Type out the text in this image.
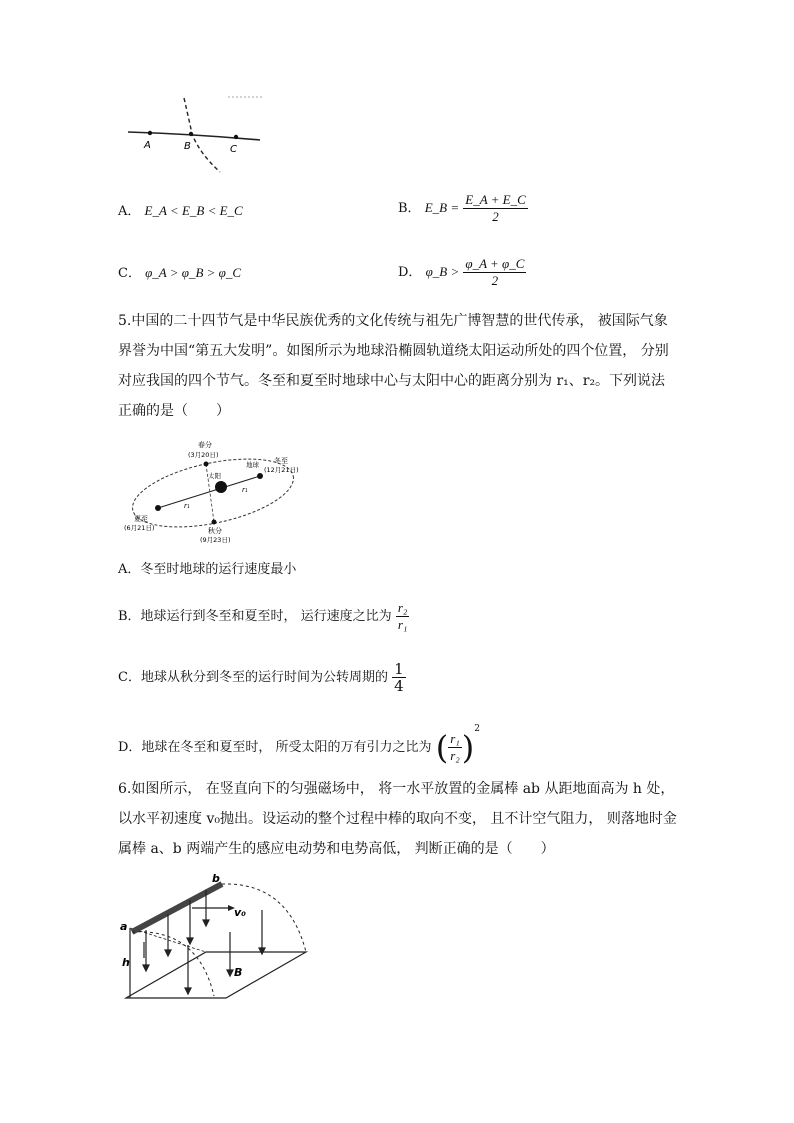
A	B	C
A． E_A < E_B < E_C	B． E_B = $\frac{E\_A + E\_C}{2}$
C． φ_A > φ_B > φ_C	D． φ_B > $\frac{\varphi\_A + \varphi\_C}{2}$
5.中国的二十四节气是中华民族优秀的文化传统与祖先广博智慧的世代传承， 被国际气象界誉为中国“第五大发明”。如图所示为地球沿椭圆轨道绕太阳运动所处的四个位置， 分别对应我国的四个节气。冬至和夏至时地球中心与太阳中心的距离分别为 r₁、r₂。下列说法正确的是（　　）
春分
(3月20日)
冬至
(12月21日)
夏至
(6月21日)	秋分
(9月23日)
太阳
地球
r₁
r₁
A．冬至时地球的运行速度最小
B．地球运行到冬至和夏至时， 运行速度之比为 $\frac{\text{r₂}}{\text{r₁}}$
C．地球从秋分到冬至的运行时间为公转周期的 $\frac{1}{4}$
D．地球在冬至和夏至时， 所受太阳的万有引力之比为 ( $\frac{\text{r₁}}{\text{r₂}} )^2$
6.如图所示， 在竖直向下的匀强磁场中， 将一水平放置的金属棒 ab 从距地面高为 h 处，以水平初速度 v₀抛出。设运动的整个过程中棒的取向不变， 且不计空气阻力， 则落地时金属棒 a、b 两端产生的感应电动势和电势高低， 判断正确的是（　　）
a
b
v₀
h
B
